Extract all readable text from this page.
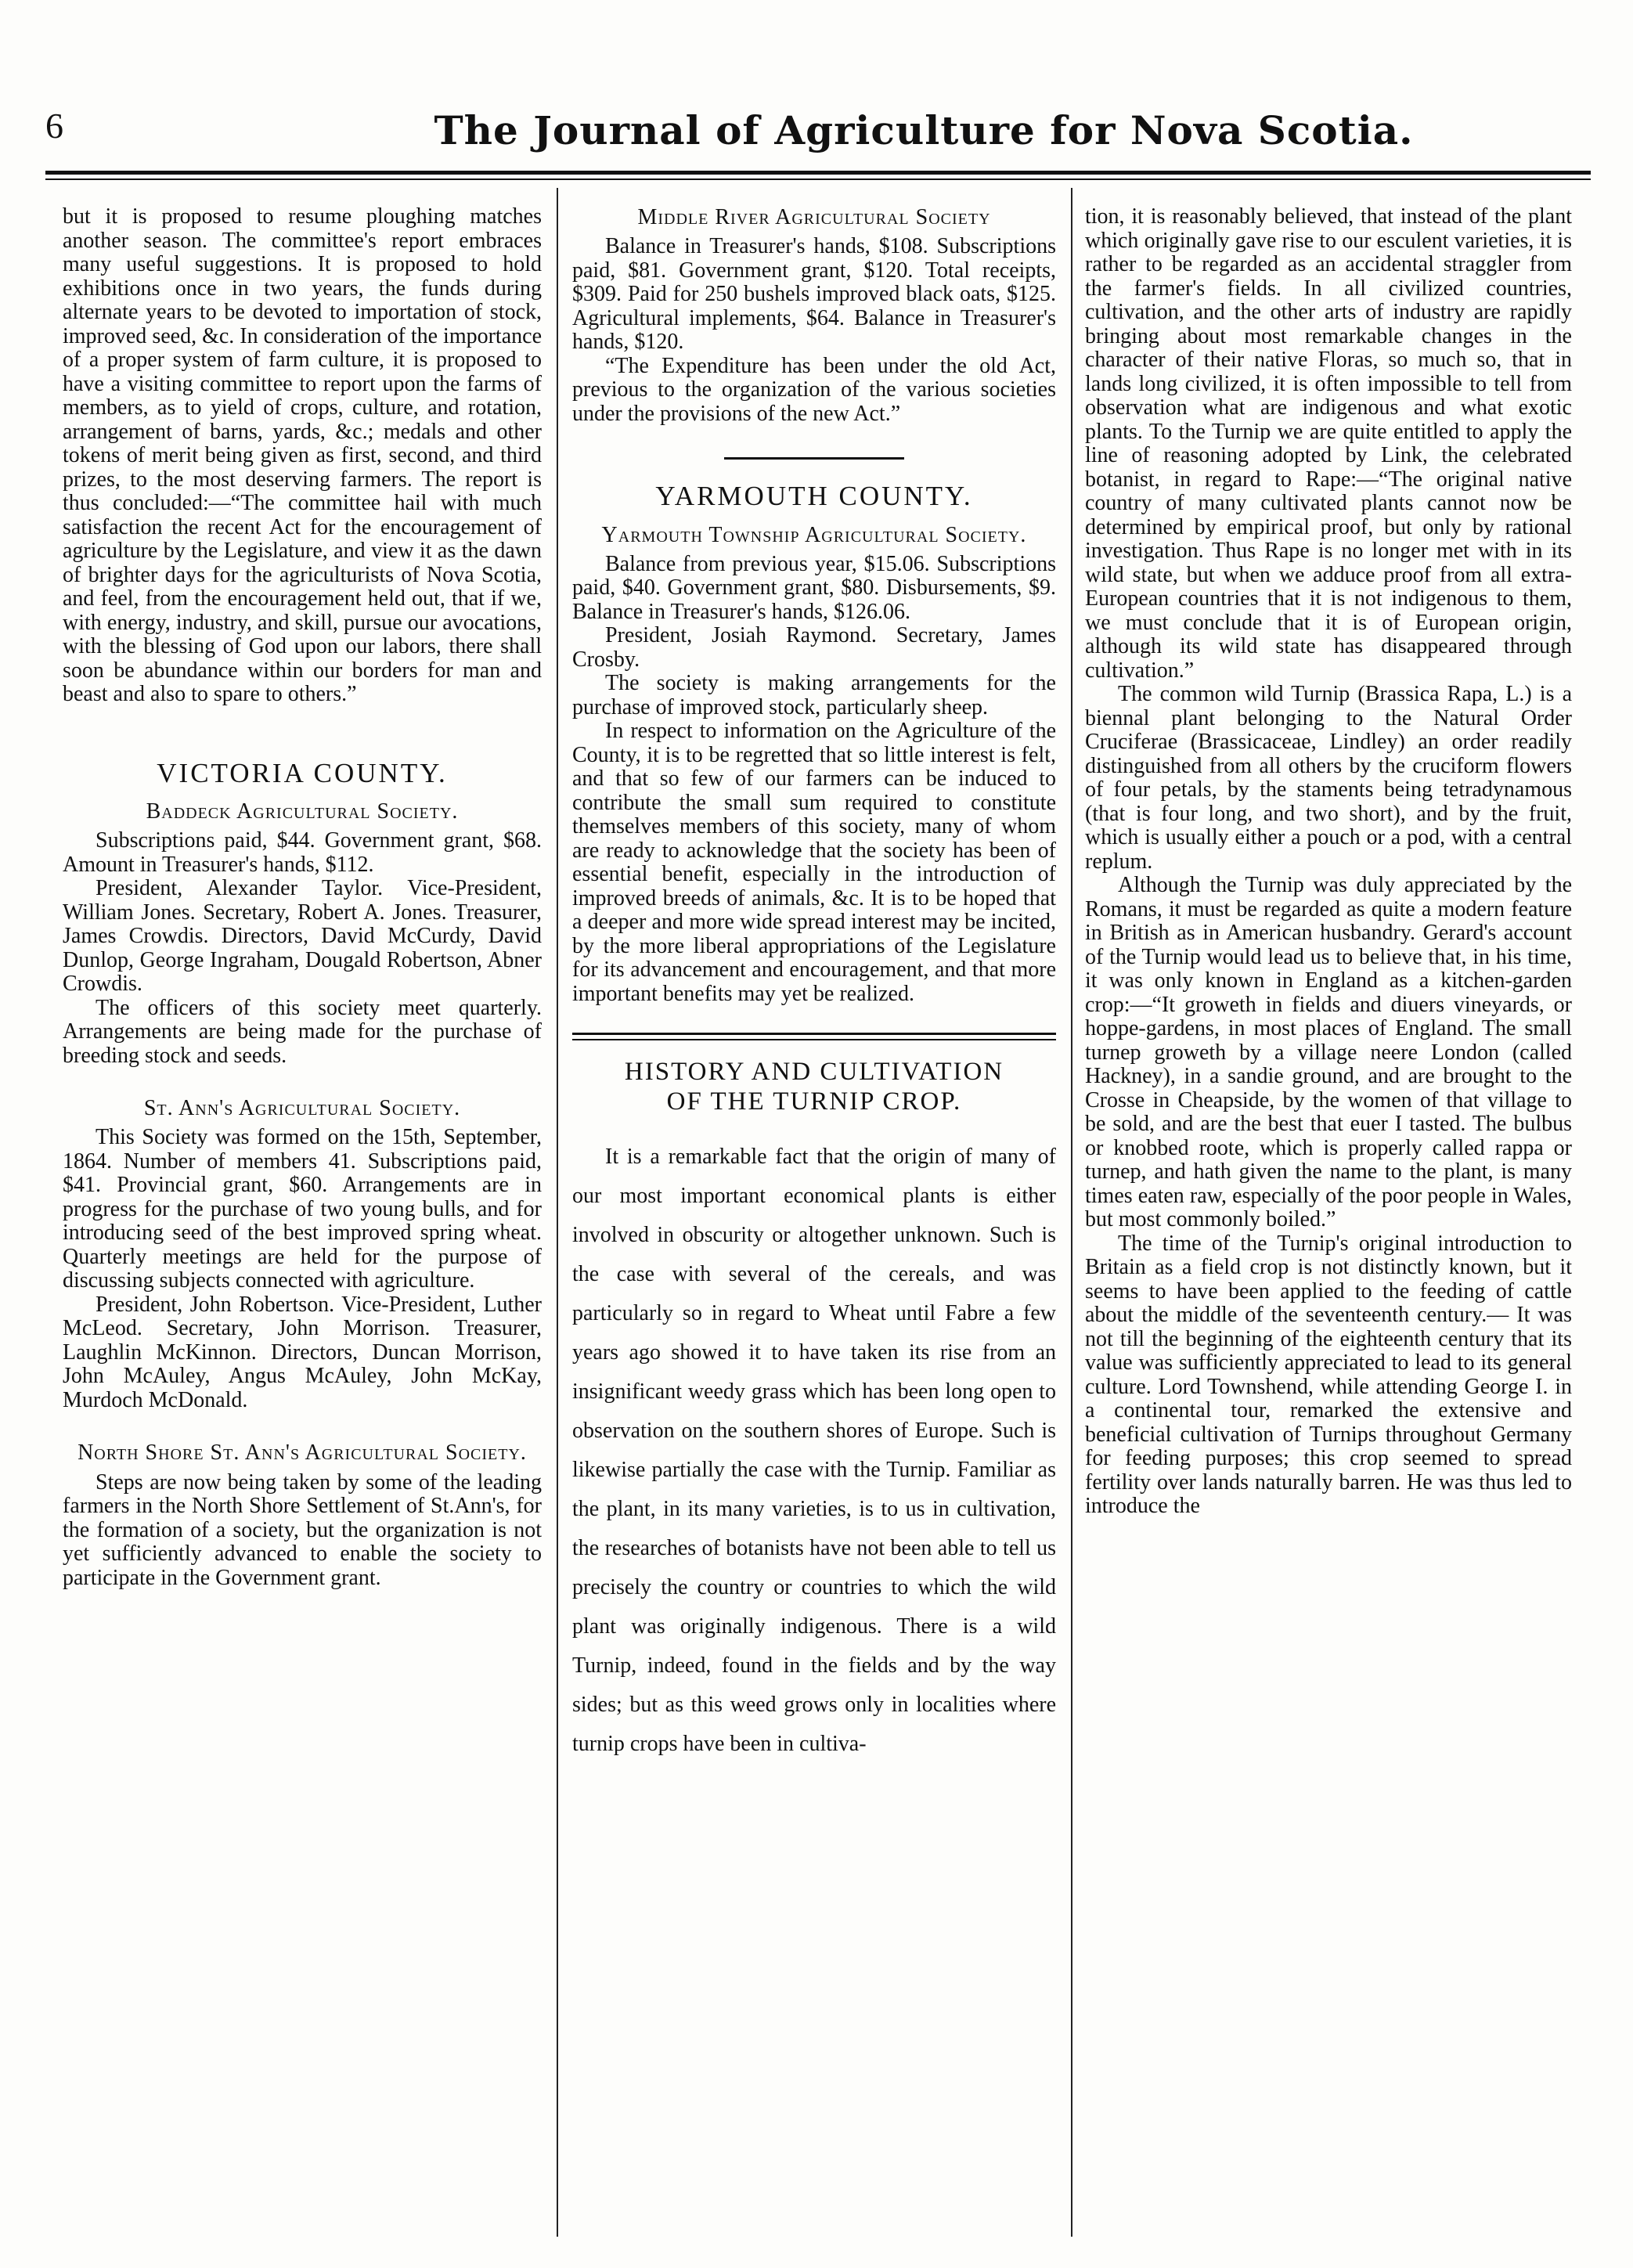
6	The Journal of Agriculture for Nova Scotia.

but it is proposed to resume ploughing matches another season. The committee's report embraces many useful suggestions. It is proposed to hold exhibitions once in two years, the funds during alternate years to be devoted to importation of stock, improved seed, &c. In consideration of the importance of a proper system of farm culture, it is proposed to have a visiting committee to report upon the farms of members, as to yield of crops, culture, and rotation, arrangement of barns, yards, &c.; medals and other tokens of merit being given as first, second, and third prizes, to the most deserving farmers. The report is thus concluded:—“The committee hail with much satisfaction the recent Act for the encouragement of agriculture by the Legislature, and view it as the dawn of brighter days for the agriculturists of Nova Scotia, and feel, from the encouragement held out, that if we, with energy, industry, and skill, pursue our avocations, with the blessing of God upon our labors, there shall soon be abundance within our borders for man and beast and also to spare to others.”

VICTORIA COUNTY.
Baddeck Agricultural Society.

Subscriptions paid, $44. Government grant, $68. Amount in Treasurer's hands, $112.

President, Alexander Taylor. Vice-President, William Jones. Secretary, Robert A. Jones. Treasurer, James Crowdis. Directors, David McCurdy, David Dunlop, George Ingraham, Dougald Robertson, Abner Crowdis.

The officers of this society meet quarterly. Arrangements are being made for the purchase of breeding stock and seeds.

St. Ann's Agricultural Society.

This Society was formed on the 15th, September, 1864. Number of members 41. Subscriptions paid, $41. Provincial grant, $60. Arrangements are in progress for the purchase of two young bulls, and for introducing seed of the best improved spring wheat. Quarterly meetings are held for the purpose of discussing subjects connected with agriculture.

President, John Robertson. Vice-President, Luther McLeod. Secretary, John Morrison. Treasurer, Laughlin McKinnon. Directors, Duncan Morrison, John McAuley, Angus McAuley, John McKay, Murdoch McDonald.

North Shore St. Ann's Agricultural Society.

Steps are now being taken by some of the leading farmers in the North Shore Settlement of St.Ann's, for the formation of a society, but the organization is not yet sufficiently advanced to enable the society to participate in the Government grant.

Middle River Agricultural Society

Balance in Treasurer's hands, $108. Subscriptions paid, $81. Government grant, $120. Total receipts, $309. Paid for 250 bushels improved black oats, $125. Agricultural implements, $64. Balance in Treasurer's hands, $120.

“The Expenditure has been under the old Act, previous to the organization of the various societies under the provisions of the new Act.”

YARMOUTH COUNTY.
Yarmouth Township Agricultural Society.

Balance from previous year, $15.06. Subscriptions paid, $40. Government grant, $80. Disbursements, $9. Balance in Treasurer's hands, $126.06.

President, Josiah Raymond. Secretary, James Crosby.

The society is making arrangements for the purchase of improved stock, particularly sheep.

In respect to information on the Agriculture of the County, it is to be regretted that so little interest is felt, and that so few of our farmers can be induced to contribute the small sum required to constitute themselves members of this society, many of whom are ready to acknowledge that the society has been of essential benefit, especially in the introduction of improved breeds of animals, &c. It is to be hoped that a deeper and more wide spread interest may be incited, by the more liberal appropriations of the Legislature for its advancement and encouragement, and that more important benefits may yet be realized.

HISTORY AND CULTIVATION
OF THE TURNIP CROP.

It is a remarkable fact that the origin of many of our most important economical plants is either involved in obscurity or altogether unknown. Such is the case with several of the cereals, and was particularly so in regard to Wheat until Fabre a few years ago showed it to have taken its rise from an insignificant weedy grass which has been long open to observation on the southern shores of Europe. Such is likewise partially the case with the Turnip. Familiar as the plant, in its many varieties, is to us in cultivation, the researches of botanists have not been able to tell us precisely the country or countries to which the wild plant was originally indigenous. There is a wild Turnip, indeed, found in the fields and by the way sides; but as this weed grows only in localities where turnip crops have been in cultiva-

tion, it is reasonably believed, that instead of the plant which originally gave rise to our esculent varieties, it is rather to be regarded as an accidental straggler from the farmer's fields. In all civilized countries, cultivation, and the other arts of industry are rapidly bringing about most remarkable changes in the character of their native Floras, so much so, that in lands long civilized, it is often impossible to tell from observation what are indigenous and what exotic plants. To the Turnip we are quite entitled to apply the line of reasoning adopted by Link, the celebrated botanist, in regard to Rape:—“The original native country of many cultivated plants cannot now be determined by empirical proof, but only by rational investigation. Thus Rape is no longer met with in its wild state, but when we adduce proof from all extra-European countries that it is not indigenous to them, we must conclude that it is of European origin, although its wild state has disappeared through cultivation.”

The common wild Turnip (Brassica Rapa, L.) is a biennal plant belonging to the Natural Order Cruciferae (Brassicaceae, Lindley) an order readily distinguished from all others by the cruciform flowers of four petals, by the staments being tetradynamous (that is four long, and two short), and by the fruit, which is usually either a pouch or a pod, with a central replum.

Although the Turnip was duly appreciated by the Romans, it must be regarded as quite a modern feature in British as in American husbandry. Gerard's account of the Turnip would lead us to believe that, in his time, it was only known in England as a kitchen-garden crop:—“It groweth in fields and diuers vineyards, or hoppe-gardens, in most places of England. The small turnep groweth by a village neere London (called Hackney), in a sandie ground, and are brought to the Crosse in Cheapside, by the women of that village to be sold, and are the best that euer I tasted. The bulbus or knobbed roote, which is properly called rappa or turnep, and hath given the name to the plant, is many times eaten raw, especially of the poor people in Wales, but most commonly boiled.”

The time of the Turnip's original introduction to Britain as a field crop is not distinctly known, but it seems to have been applied to the feeding of cattle about the middle of the seventeenth century.— It was not till the beginning of the eighteenth century that its value was sufficiently appreciated to lead to its general culture. Lord Townshend, while attending George I. in a continental tour, remarked the extensive and beneficial cultivation of Turnips throughout Germany for feeding purposes; this crop seemed to spread fertility over lands naturally barren. He was thus led to introduce the
